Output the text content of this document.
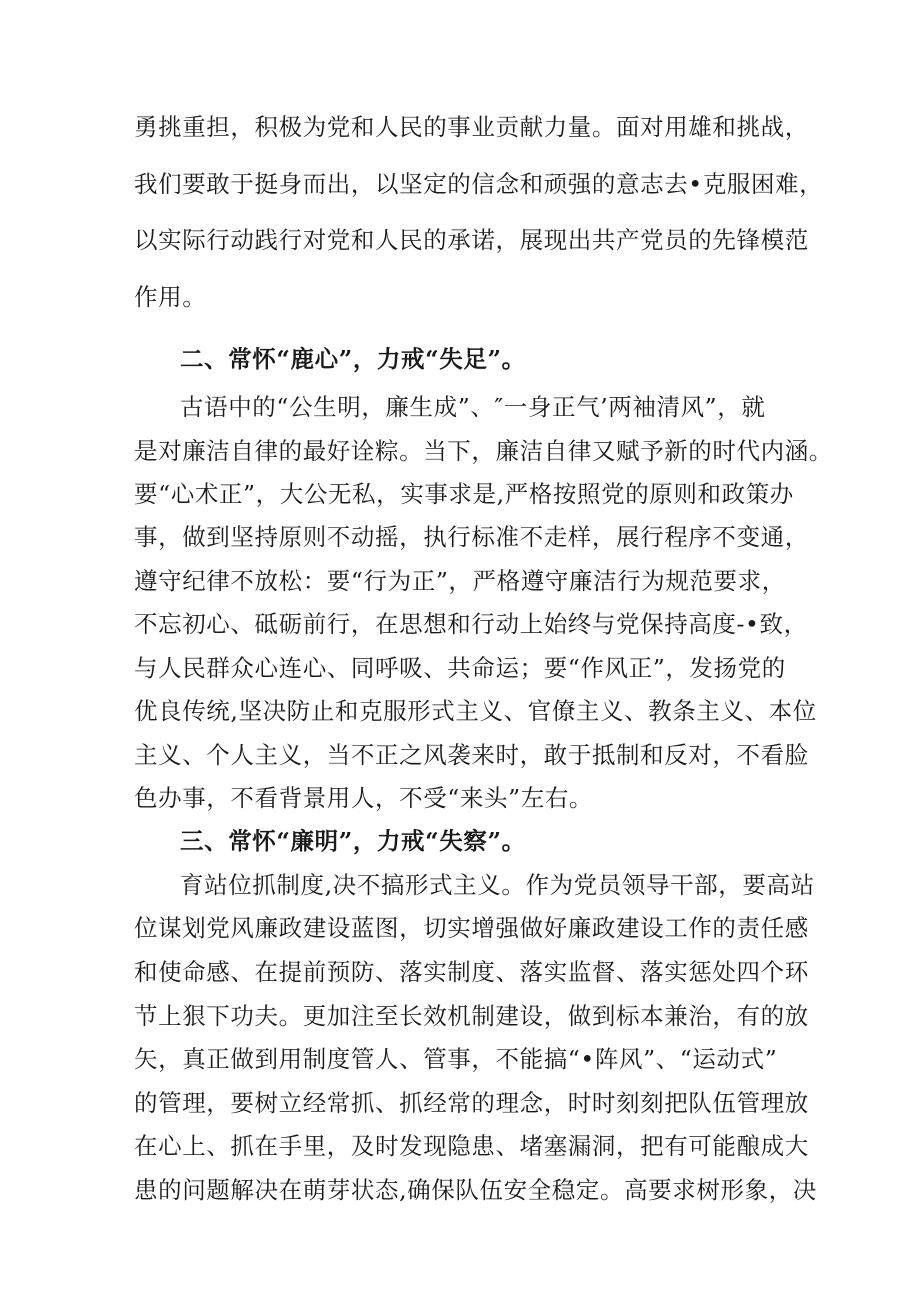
勇挑重担，积极为党和人民的事业贡献力量。面对用雄和挑战，
我们要敢于挺身而出，以坚定的信念和顽强的意志去•克服困难，
以实际行动践行对党和人民的承诺，展现出共产党员的先锋模范
作用。
二、常怀“鹿心”，力戒“失足”。
古语中的“公生明，廉生成”、″一身正气’两袖清风”，就
是对廉洁自律的最好诠粽。当下，廉洁自律又赋予新的时代内涵。
要“心术正”，大公无私，实事求是,严格按照党的原则和政策办
事，做到坚持原则不动摇，执行标准不走样，展行程序不变通，
遵守纪律不放松：要“行为正”，严格遵守廉洁行为规范要求，
不忘初心、砥砺前行，在思想和行动上始终与党保持高度-•致，
与人民群众心连心、同呼吸、共命运；要“作风正”，发扬党的
优良传统,坚决防止和克服形式主义、官僚主义、教条主义、本位
主义、个人主义，当不正之风袭来时，敢于抵制和反对，不看脸
色办事，不看背景用人，不受“来头”左右。
三、常怀“廉明”，力戒“失察”。
育站位抓制度,决不搞形式主义。作为党员领导干部，要高站
位谋划党风廉政建设蓝图，切实增强做好廉政建设工作的责任感
和使命感、在提前预防、落实制度、落实监督、落实惩处四个环
节上狠下功夫。更加注至长效机制建设，做到标本兼治，有的放
矢，真正做到用制度管人、管事，不能搞“•阵风”、“运动式”
的管理，要树立经常抓、抓经常的理念，时时刻刻把队伍管理放
在心上、抓在手里，及时发现隐患、堵塞漏洞，把有可能酿成大
患的问题解决在萌芽状态,确保队伍安全稳定。高要求树形象，决
